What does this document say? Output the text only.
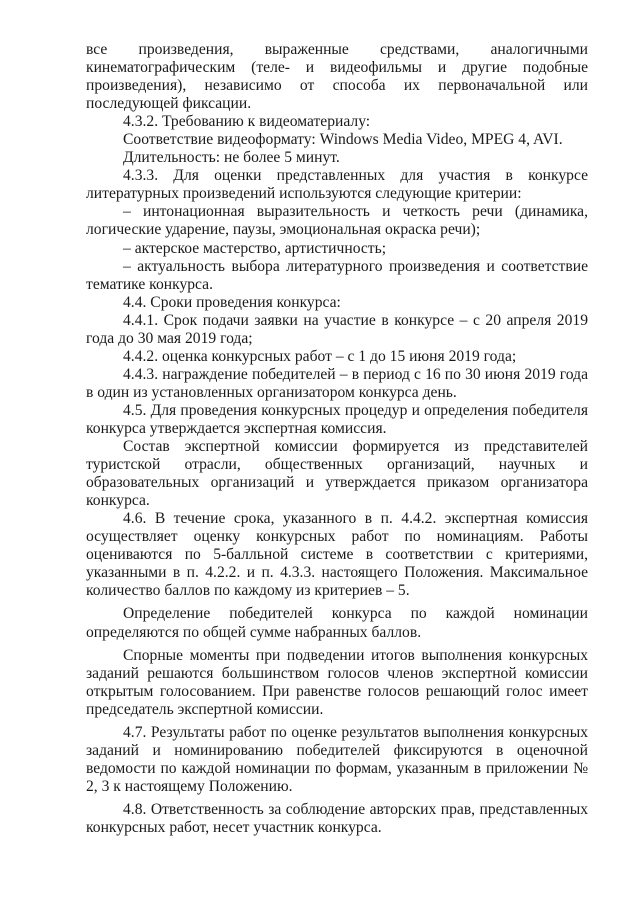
все произведения, выраженные средствами, аналогичными кинематографическим (теле- и видеофильмы и другие подобные произведения), независимо от способа их первоначальной или последующей фиксации.

4.3.2. Требованию к видеоматериалу:

Соответствие видеоформату: Windows Media Video, MPEG 4, AVI.

Длительность: не более 5 минут.

4.3.3. Для оценки представленных для участия в конкурсе литературных произведений используются следующие критерии:

– интонационная выразительность и четкость речи (динамика, логические ударение, паузы, эмоциональная окраска речи);

– актерское мастерство, артистичность;

– актуальность выбора литературного произведения и соответствие тематике конкурса.

4.4. Сроки проведения конкурса:

4.4.1. Срок подачи заявки на участие в конкурсе – с 20 апреля 2019 года до 30 мая 2019 года;

4.4.2. оценка конкурсных работ – с 1 до 15 июня 2019 года;

4.4.3. награждение победителей – в период с 16 по 30 июня 2019 года в один из установленных организатором конкурса день.

4.5. Для проведения конкурсных процедур и определения победителя конкурса утверждается экспертная комиссия.

Состав экспертной комиссии формируется из представителей туристской отрасли, общественных организаций, научных и образовательных организаций и утверждается приказом организатора конкурса.

4.6. В течение срока, указанного в п. 4.4.2. экспертная комиссия осуществляет оценку конкурсных работ по номинациям. Работы оцениваются по 5-балльной системе в соответствии с критериями, указанными в п. 4.2.2. и п. 4.3.3. настоящего Положения. Максимальное количество баллов по каждому из критериев – 5.

Определение победителей конкурса по каждой номинации определяются по общей сумме набранных баллов.

Спорные моменты при подведении итогов выполнения конкурсных заданий решаются большинством голосов членов экспертной комиссии открытым голосованием. При равенстве голосов решающий голос имеет председатель экспертной комиссии.

4.7. Результаты работ по оценке результатов выполнения конкурсных заданий и номинированию победителей фиксируются в оценочной ведомости по каждой номинации по формам, указанным в приложении № 2, 3 к настоящему Положению.

4.8. Ответственность за соблюдение авторских прав, представленных конкурсных работ, несет участник конкурса.
